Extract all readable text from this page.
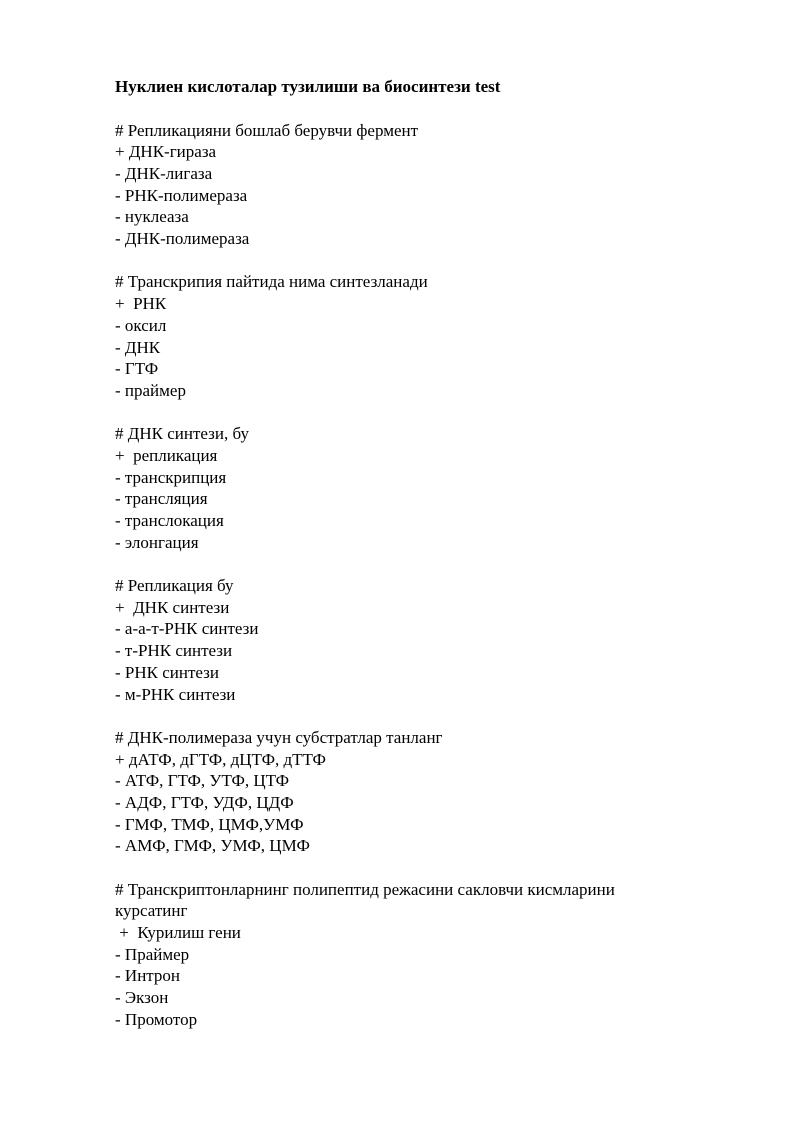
Нуклиен кислоталар тузилиши ва биосинтези test

# Репликацияни бошлаб берувчи фермент

+ ДНК-гираза

- ДНК-лигаза

- РНК-полимераза

- нуклеаза

- ДНК-полимераза

# Транскрипия пайтида нима синтезланади

+  РНК

- оксил

- ДНК

- ГТФ

- праймер

# ДНК синтези, бу

+  репликация

- транскрипция

- трансляция

- транслокация

- элонгация

# Репликация бу

+  ДНК синтези

- а-а-т-РНК синтези

- т-РНК синтези

- РНК синтези

- м-РНК синтези

# ДНК-полимераза учун субстратлар танланг

+ дАТФ, дГТФ, дЦТФ, дТТФ

- АТФ, ГТФ, УТФ, ЦТФ

- АДФ, ГТФ, УДФ, ЦДФ

- ГМФ, ТМФ, ЦМФ,УМФ

- АМФ, ГМФ, УМФ, ЦМФ

# Транскриптонларнинг полипептид режасини сакловчи кисмларини курсатинг

+  Курилиш гени

- Праймер

- Интрон

- Экзон

- Промотор
